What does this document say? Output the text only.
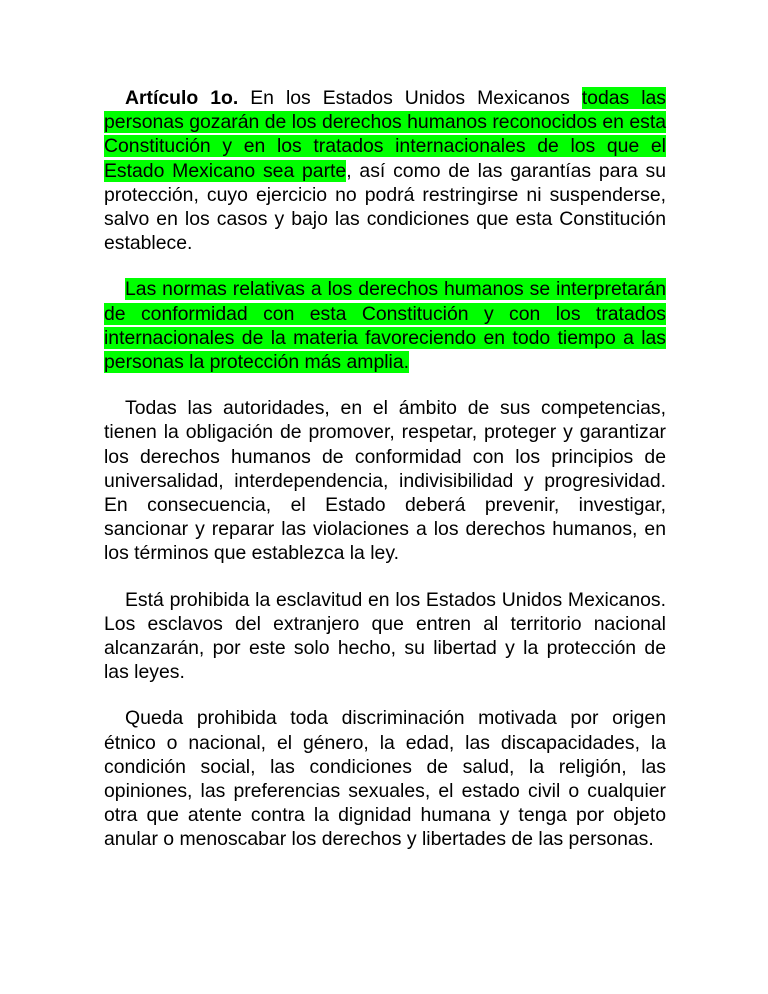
Artículo 1o. En los Estados Unidos Mexicanos todas las personas gozarán de los derechos humanos reconocidos en esta Constitución y en los tratados internacionales de los que el Estado Mexicano sea parte, así como de las garantías para su protección, cuyo ejercicio no podrá restringirse ni suspenderse, salvo en los casos y bajo las condiciones que esta Constitución establece.

Las normas relativas a los derechos humanos se interpretarán de conformidad con esta Constitución y con los tratados internacionales de la materia favoreciendo en todo tiempo a las personas la protección más amplia.

Todas las autoridades, en el ámbito de sus competencias, tienen la obligación de promover, respetar, proteger y garantizar los derechos humanos de conformidad con los principios de universalidad, interdependencia, indivisibilidad y progresividad. En consecuencia, el Estado deberá prevenir, investigar, sancionar y reparar las violaciones a los derechos humanos, en los términos que establezca la ley.

Está prohibida la esclavitud en los Estados Unidos Mexicanos. Los esclavos del extranjero que entren al territorio nacional alcanzarán, por este solo hecho, su libertad y la protección de las leyes.

Queda prohibida toda discriminación motivada por origen étnico o nacional, el género, la edad, las discapacidades, la condición social, las condiciones de salud, la religión, las opiniones, las preferencias sexuales, el estado civil o cualquier otra que atente contra la dignidad humana y tenga por objeto anular o menoscabar los derechos y libertades de las personas.
